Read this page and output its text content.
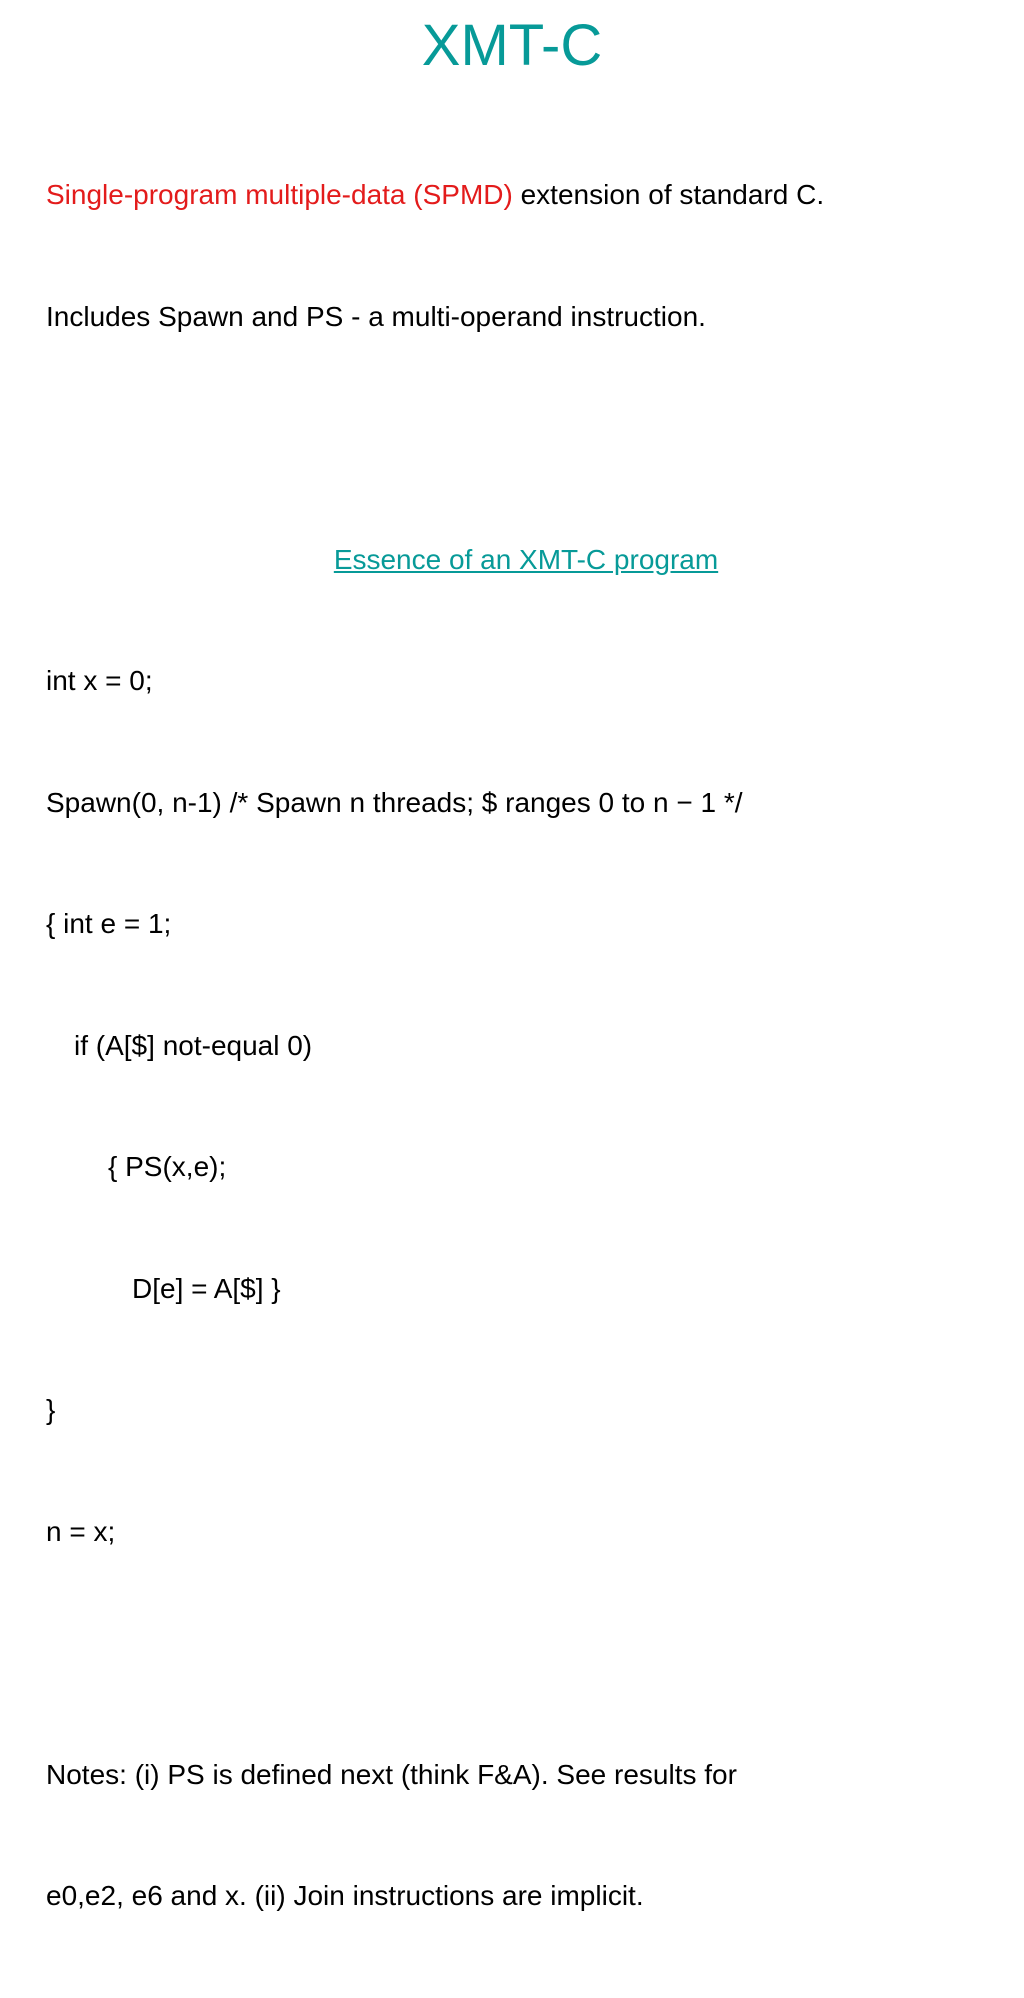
XMT-C

Single-program multiple-data (SPMD) extension of standard C.

Includes Spawn and PS - a multi-operand instruction.

Essence of an XMT-C program

int x = 0;

Spawn(0, n-1) /* Spawn n threads; $ ranges 0 to n − 1 */

{ int e = 1;

if (A[$] not-equal 0)

{ PS(x,e);

D[e] = A[$] }

}

n = x;

Notes: (i) PS is defined next (think F&A). See results for

e0,e2, e6 and x. (ii) Join instructions are implicit.
